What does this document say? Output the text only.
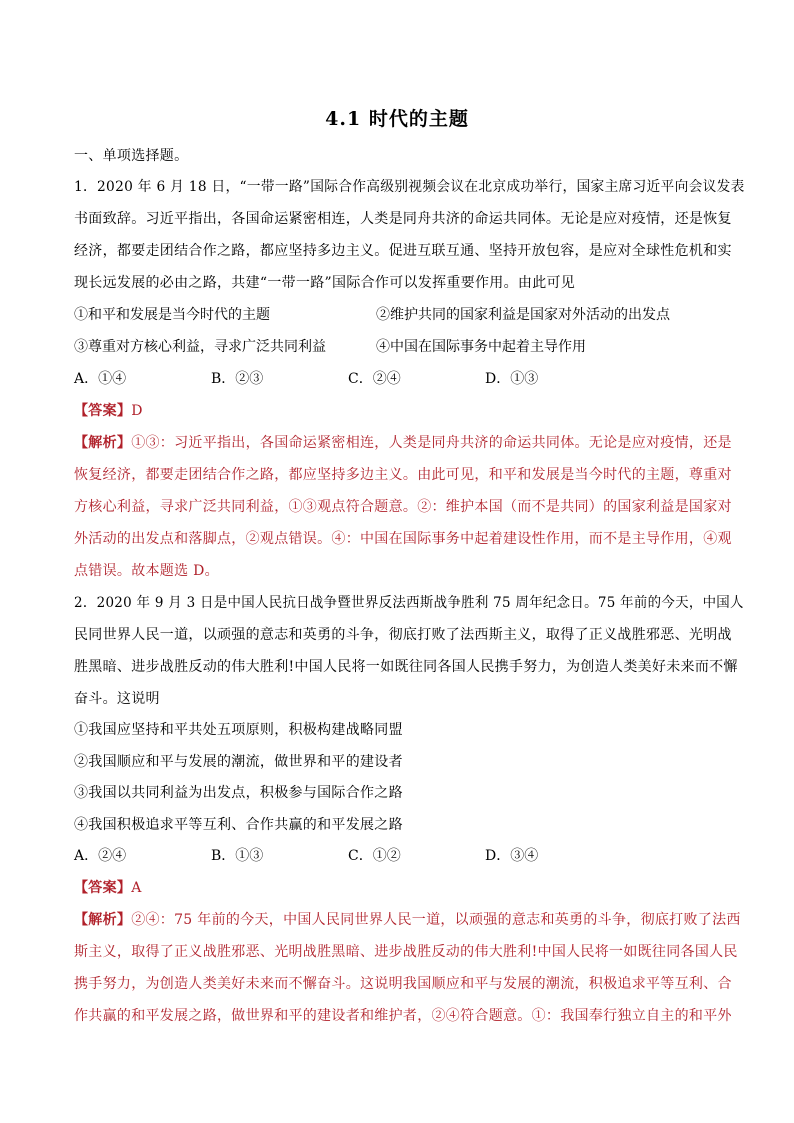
4.1 时代的主题
一、单项选择题。
1．2020 年 6 月 18 日，“一带一路”国际合作高级别视频会议在北京成功举行，国家主席习近平向会议发表
书面致辞。习近平指出，各国命运紧密相连，人类是同舟共济的命运共同体。无论是应对疫情，还是恢复
经济，都要走团结合作之路，都应坚持多边主义。促进互联互通、坚持开放包容，是应对全球性危机和实
现长远发展的必由之路，共建“一带一路”国际合作可以发挥重要作用。由此可见
①和平和发展是当今时代的主题	②维护共同的国家利益是国家对外活动的出发点
③尊重对方核心利益，寻求广泛共同利益	④中国在国际事务中起着主导作用
A．①④	B．②③	C．②④	D．①③
【答案】D
【解析】①③：习近平指出，各国命运紧密相连，人类是同舟共济的命运共同体。无论是应对疫情，还是
恢复经济，都要走团结合作之路，都应坚持多边主义。由此可见，和平和发展是当今时代的主题，尊重对
方核心利益，寻求广泛共同利益，①③观点符合题意。②：维护本国（而不是共同）的国家利益是国家对
外活动的出发点和落脚点，②观点错误。④：中国在国际事务中起着建设性作用，而不是主导作用，④观
点错误。故本题选 D。
2．2020 年 9 月 3 日是中国人民抗日战争暨世界反法西斯战争胜利 75 周年纪念日。75 年前的今天，中国人
民同世界人民一道，以顽强的意志和英勇的斗争，彻底打败了法西斯主义，取得了正义战胜邪恶、光明战
胜黑暗、进步战胜反动的伟大胜利!中国人民将一如既往同各国人民携手努力，为创造人类美好未来而不懈
奋斗。这说明
①我国应坚持和平共处五项原则，积极构建战略同盟
②我国顺应和平与发展的潮流，做世界和平的建设者
③我国以共同利益为出发点，积极参与国际合作之路
④我国积极追求平等互利、合作共赢的和平发展之路
A．②④	B．①③	C．①②	D．③④
【答案】A
【解析】②④：75 年前的今天，中国人民同世界人民一道，以顽强的意志和英勇的斗争，彻底打败了法西
斯主义，取得了正义战胜邪恶、光明战胜黑暗、进步战胜反动的伟大胜利!中国人民将一如既往同各国人民
携手努力，为创造人类美好未来而不懈奋斗。这说明我国顺应和平与发展的潮流，积极追求平等互利、合
作共赢的和平发展之路，做世界和平的建设者和维护者，②④符合题意。①：我国奉行独立自主的和平外
